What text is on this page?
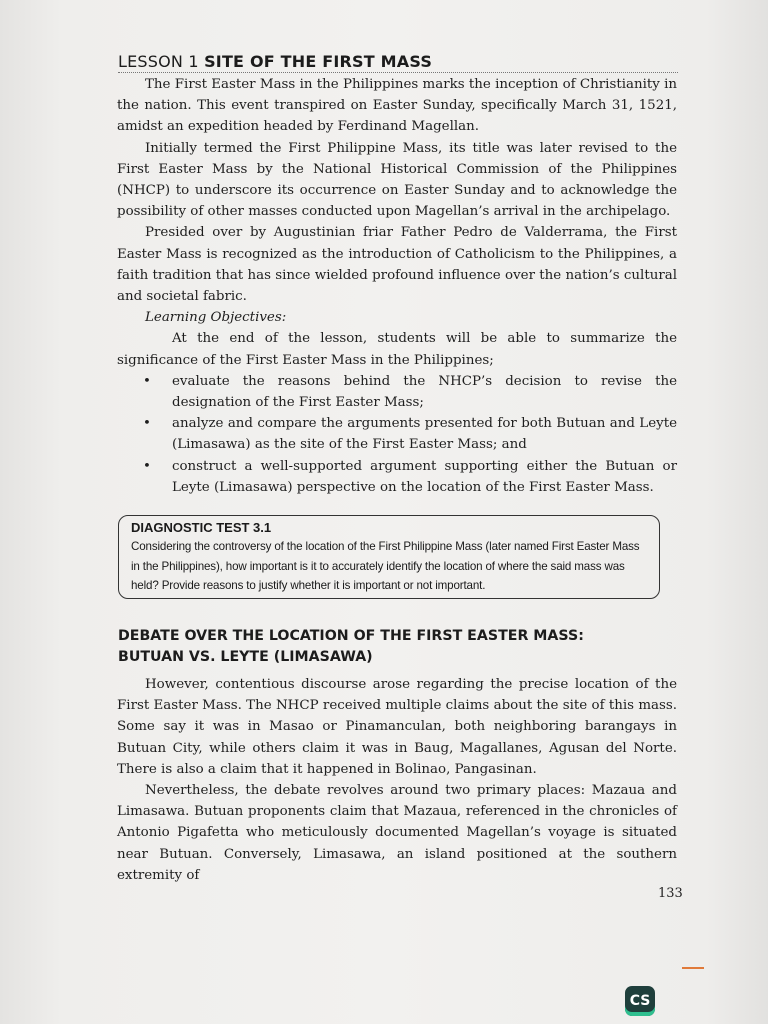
LESSON 1 SITE OF THE FIRST MASS

The First Easter Mass in the Philippines marks the inception of Christianity in the nation. This event transpired on Easter Sunday, specifically March 31, 1521, amidst an expedition headed by Ferdinand Magellan.

Initially termed the First Philippine Mass, its title was later revised to the First Easter Mass by the National Historical Commission of the Philippines (NHCP) to underscore its occurrence on Easter Sunday and to acknowledge the possibility of other masses conducted upon Magellan’s arrival in the archipelago.

Presided over by Augustinian friar Father Pedro de Valderrama, the First Easter Mass is recognized as the introduction of Catholicism to the Philippines, a faith tradition that has since wielded profound influence over the nation’s cultural and societal fabric.

Learning Objectives:

At the end of the lesson, students will be able to summarize the significance of the First Easter Mass in the Philippines;

• evaluate the reasons behind the NHCP’s decision to revise the designation of the First Easter Mass;
• analyze and compare the arguments presented for both Butuan and Leyte (Limasawa) as the site of the First Easter Mass; and
• construct a well-supported argument supporting either the Butuan or Leyte (Limasawa) perspective on the location of the First Easter Mass.
DIAGNOSTIC TEST 3.1
Considering the controversy of the location of the First Philippine Mass (later named First Easter Mass in the Philippines), how important is it to accurately identify the location of where the said mass was held? Provide reasons to justify whether it is important or not important.
DEBATE OVER THE LOCATION OF THE FIRST EASTER MASS:
BUTUAN VS. LEYTE (LIMASAWA)

However, contentious discourse arose regarding the precise location of the First Easter Mass. The NHCP received multiple claims about the site of this mass. Some say it was in Masao or Pinamanculan, both neighboring barangays in Butuan City, while others claim it was in Baug, Magallanes, Agusan del Norte. There is also a claim that it happened in Bolinao, Pangasinan.

Nevertheless, the debate revolves around two primary places: Mazaua and Limasawa. Butuan proponents claim that Mazaua, referenced in the chronicles of Antonio Pigafetta who meticulously documented Magellan’s voyage is situated near Butuan. Conversely, Limasawa, an island positioned at the southern extremity of

133
CS
